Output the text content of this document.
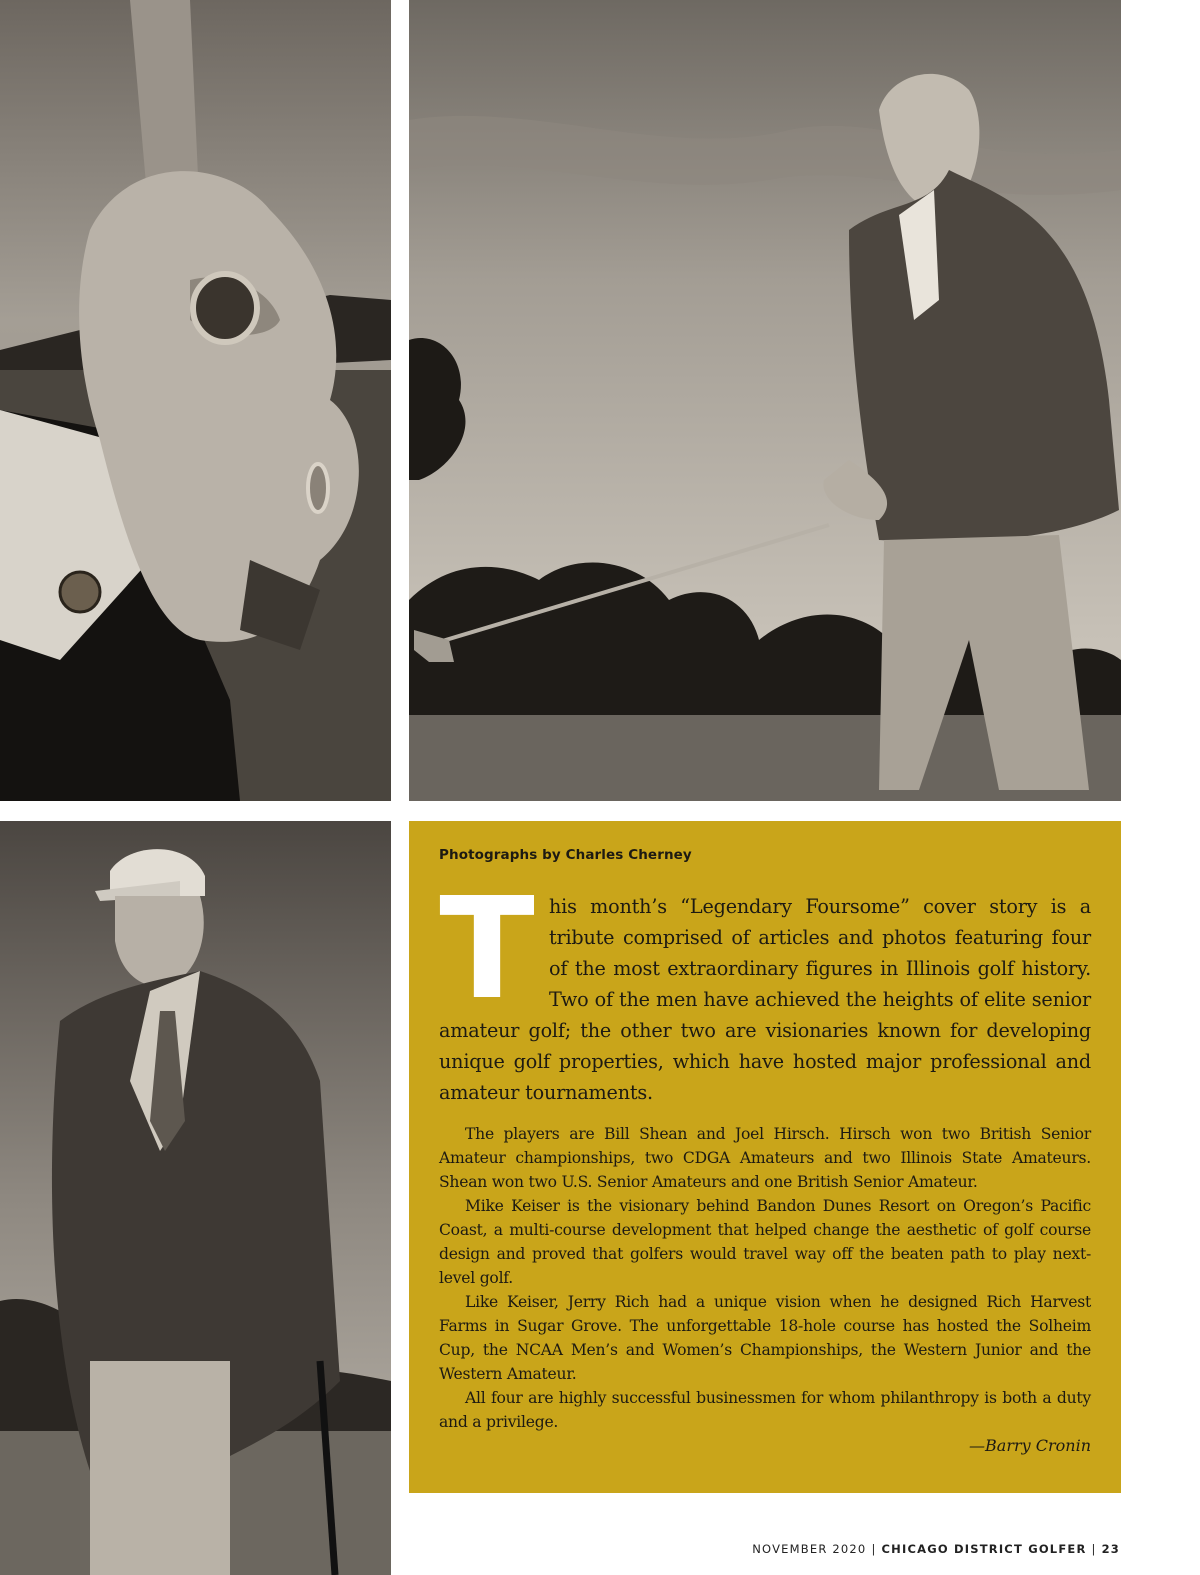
Photographs by Charles Cherney

T his month’s “Legendary Foursome” cover story is a tribute comprised of articles and photos featuring four of the most extraordinary figures in Illinois golf history. Two of the men have achieved the heights of elite senior amateur golf; the other two are visionaries known for developing unique golf properties, which have hosted major professional and amateur tournaments.

The players are Bill Shean and Joel Hirsch. Hirsch won two British Senior Amateur championships, two CDGA Amateurs and two Illinois State Amateurs. Shean won two U.S. Senior Amateurs and one British Senior Amateur.

Mike Keiser is the visionary behind Bandon Dunes Resort on Oregon’s Pacific Coast, a multi-course development that helped change the aesthetic of golf course design and proved that golfers would travel way off the beaten path to play next-level golf.

Like Keiser, Jerry Rich had a unique vision when he designed Rich Harvest Farms in Sugar Grove. The unforgettable 18-hole course has hosted the Solheim Cup, the NCAA Men’s and Women’s Championships, the Western Junior and the Western Amateur.

All four are highly successful businessmen for whom philanthropy is both a duty and a privilege.

—Barry Cronin
NOVEMBER 2020 | CHICAGO DISTRICT GOLFER | 23
